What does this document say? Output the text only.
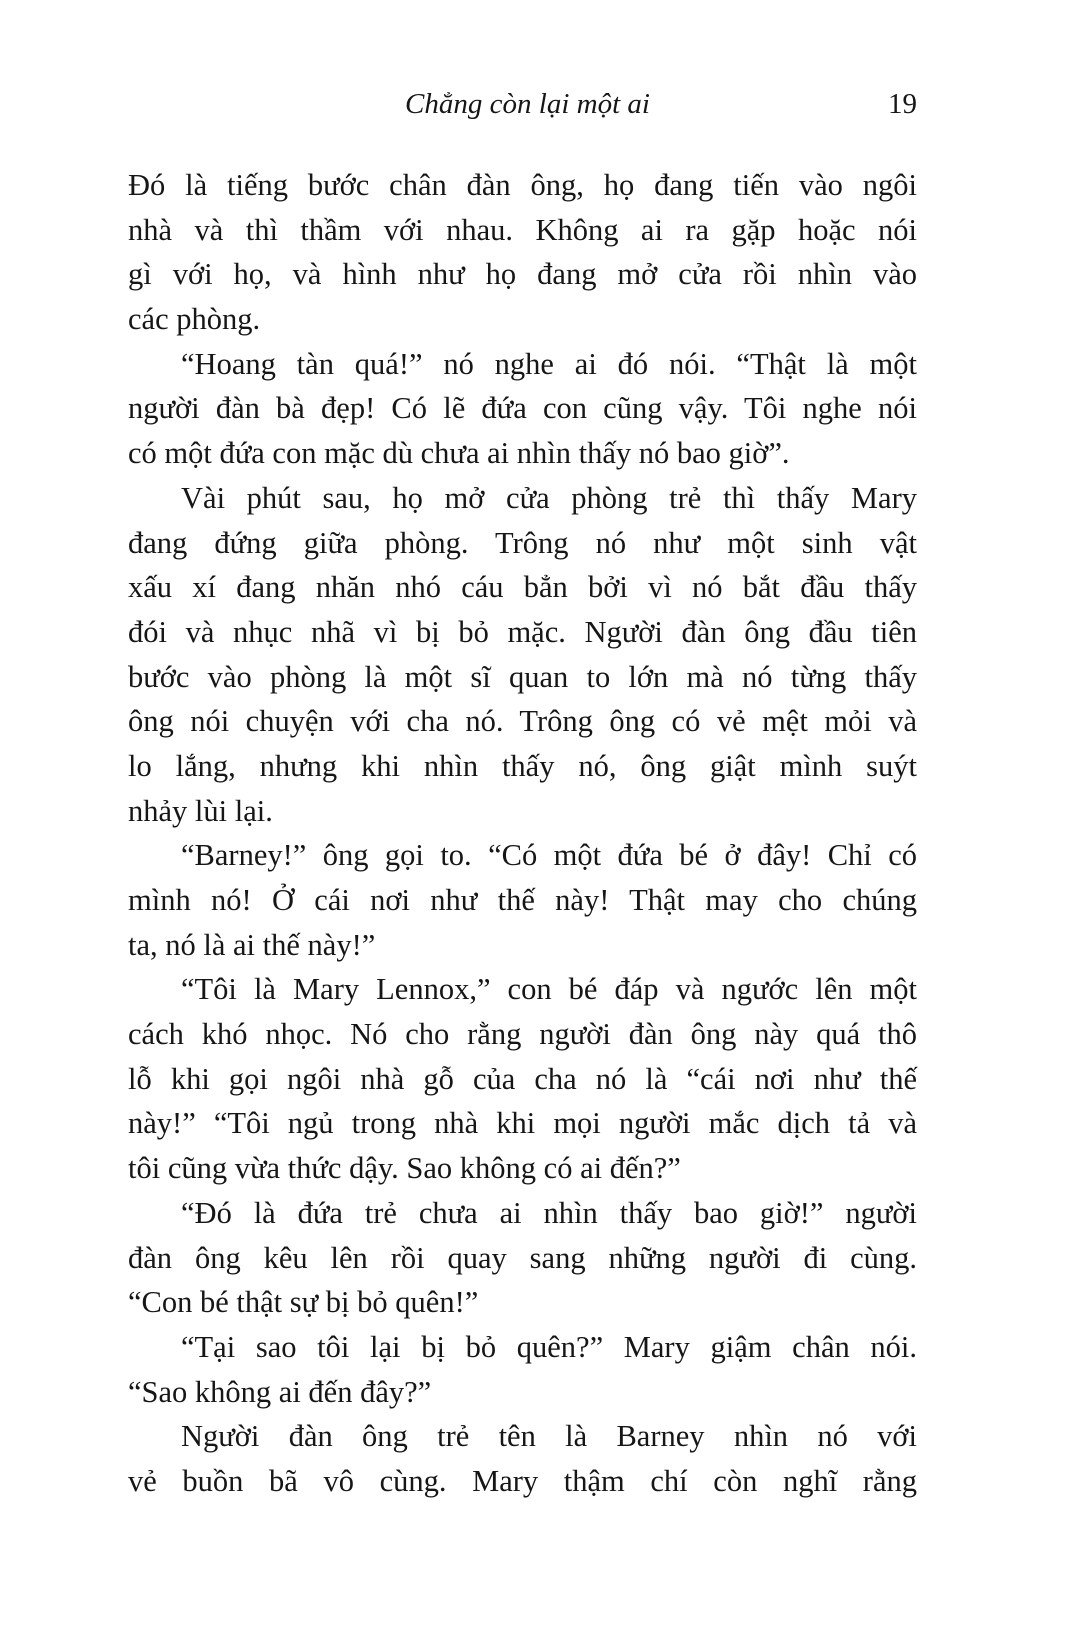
Chẳng còn lại một ai	19
Đó là tiếng bước chân đàn ông, họ đang tiến vào ngôi
nhà và thì thầm với nhau. Không ai ra gặp hoặc nói
gì với họ, và hình như họ đang mở cửa rồi nhìn vào
các phòng.
“Hoang tàn quá!” nó nghe ai đó nói. “Thật là một
người đàn bà đẹp! Có lẽ đứa con cũng vậy. Tôi nghe nói
có một đứa con mặc dù chưa ai nhìn thấy nó bao giờ”.
Vài phút sau, họ mở cửa phòng trẻ thì thấy Mary
đang đứng giữa phòng. Trông nó như một sinh vật
xấu xí đang nhăn nhó cáu bẳn bởi vì nó bắt đầu thấy
đói và nhục nhã vì bị bỏ mặc. Người đàn ông đầu tiên
bước vào phòng là một sĩ quan to lớn mà nó từng thấy
ông nói chuyện với cha nó. Trông ông có vẻ mệt mỏi và
lo lắng, nhưng khi nhìn thấy nó, ông giật mình suýt
nhảy lùi lại.
“Barney!” ông gọi to. “Có một đứa bé ở đây! Chỉ có
mình nó! Ở cái nơi như thế này! Thật may cho chúng
ta, nó là ai thế này!”
“Tôi là Mary Lennox,” con bé đáp và ngước lên một
cách khó nhọc. Nó cho rằng người đàn ông này quá thô
lỗ khi gọi ngôi nhà gỗ của cha nó là “cái nơi như thế
này!” “Tôi ngủ trong nhà khi mọi người mắc dịch tả và
tôi cũng vừa thức dậy. Sao không có ai đến?”
“Đó là đứa trẻ chưa ai nhìn thấy bao giờ!” người
đàn ông kêu lên rồi quay sang những người đi cùng.
“Con bé thật sự bị bỏ quên!”
“Tại sao tôi lại bị bỏ quên?” Mary giậm chân nói.
“Sao không ai đến đây?”
Người đàn ông trẻ tên là Barney nhìn nó với
vẻ buồn bã vô cùng. Mary thậm chí còn nghĩ rằng
